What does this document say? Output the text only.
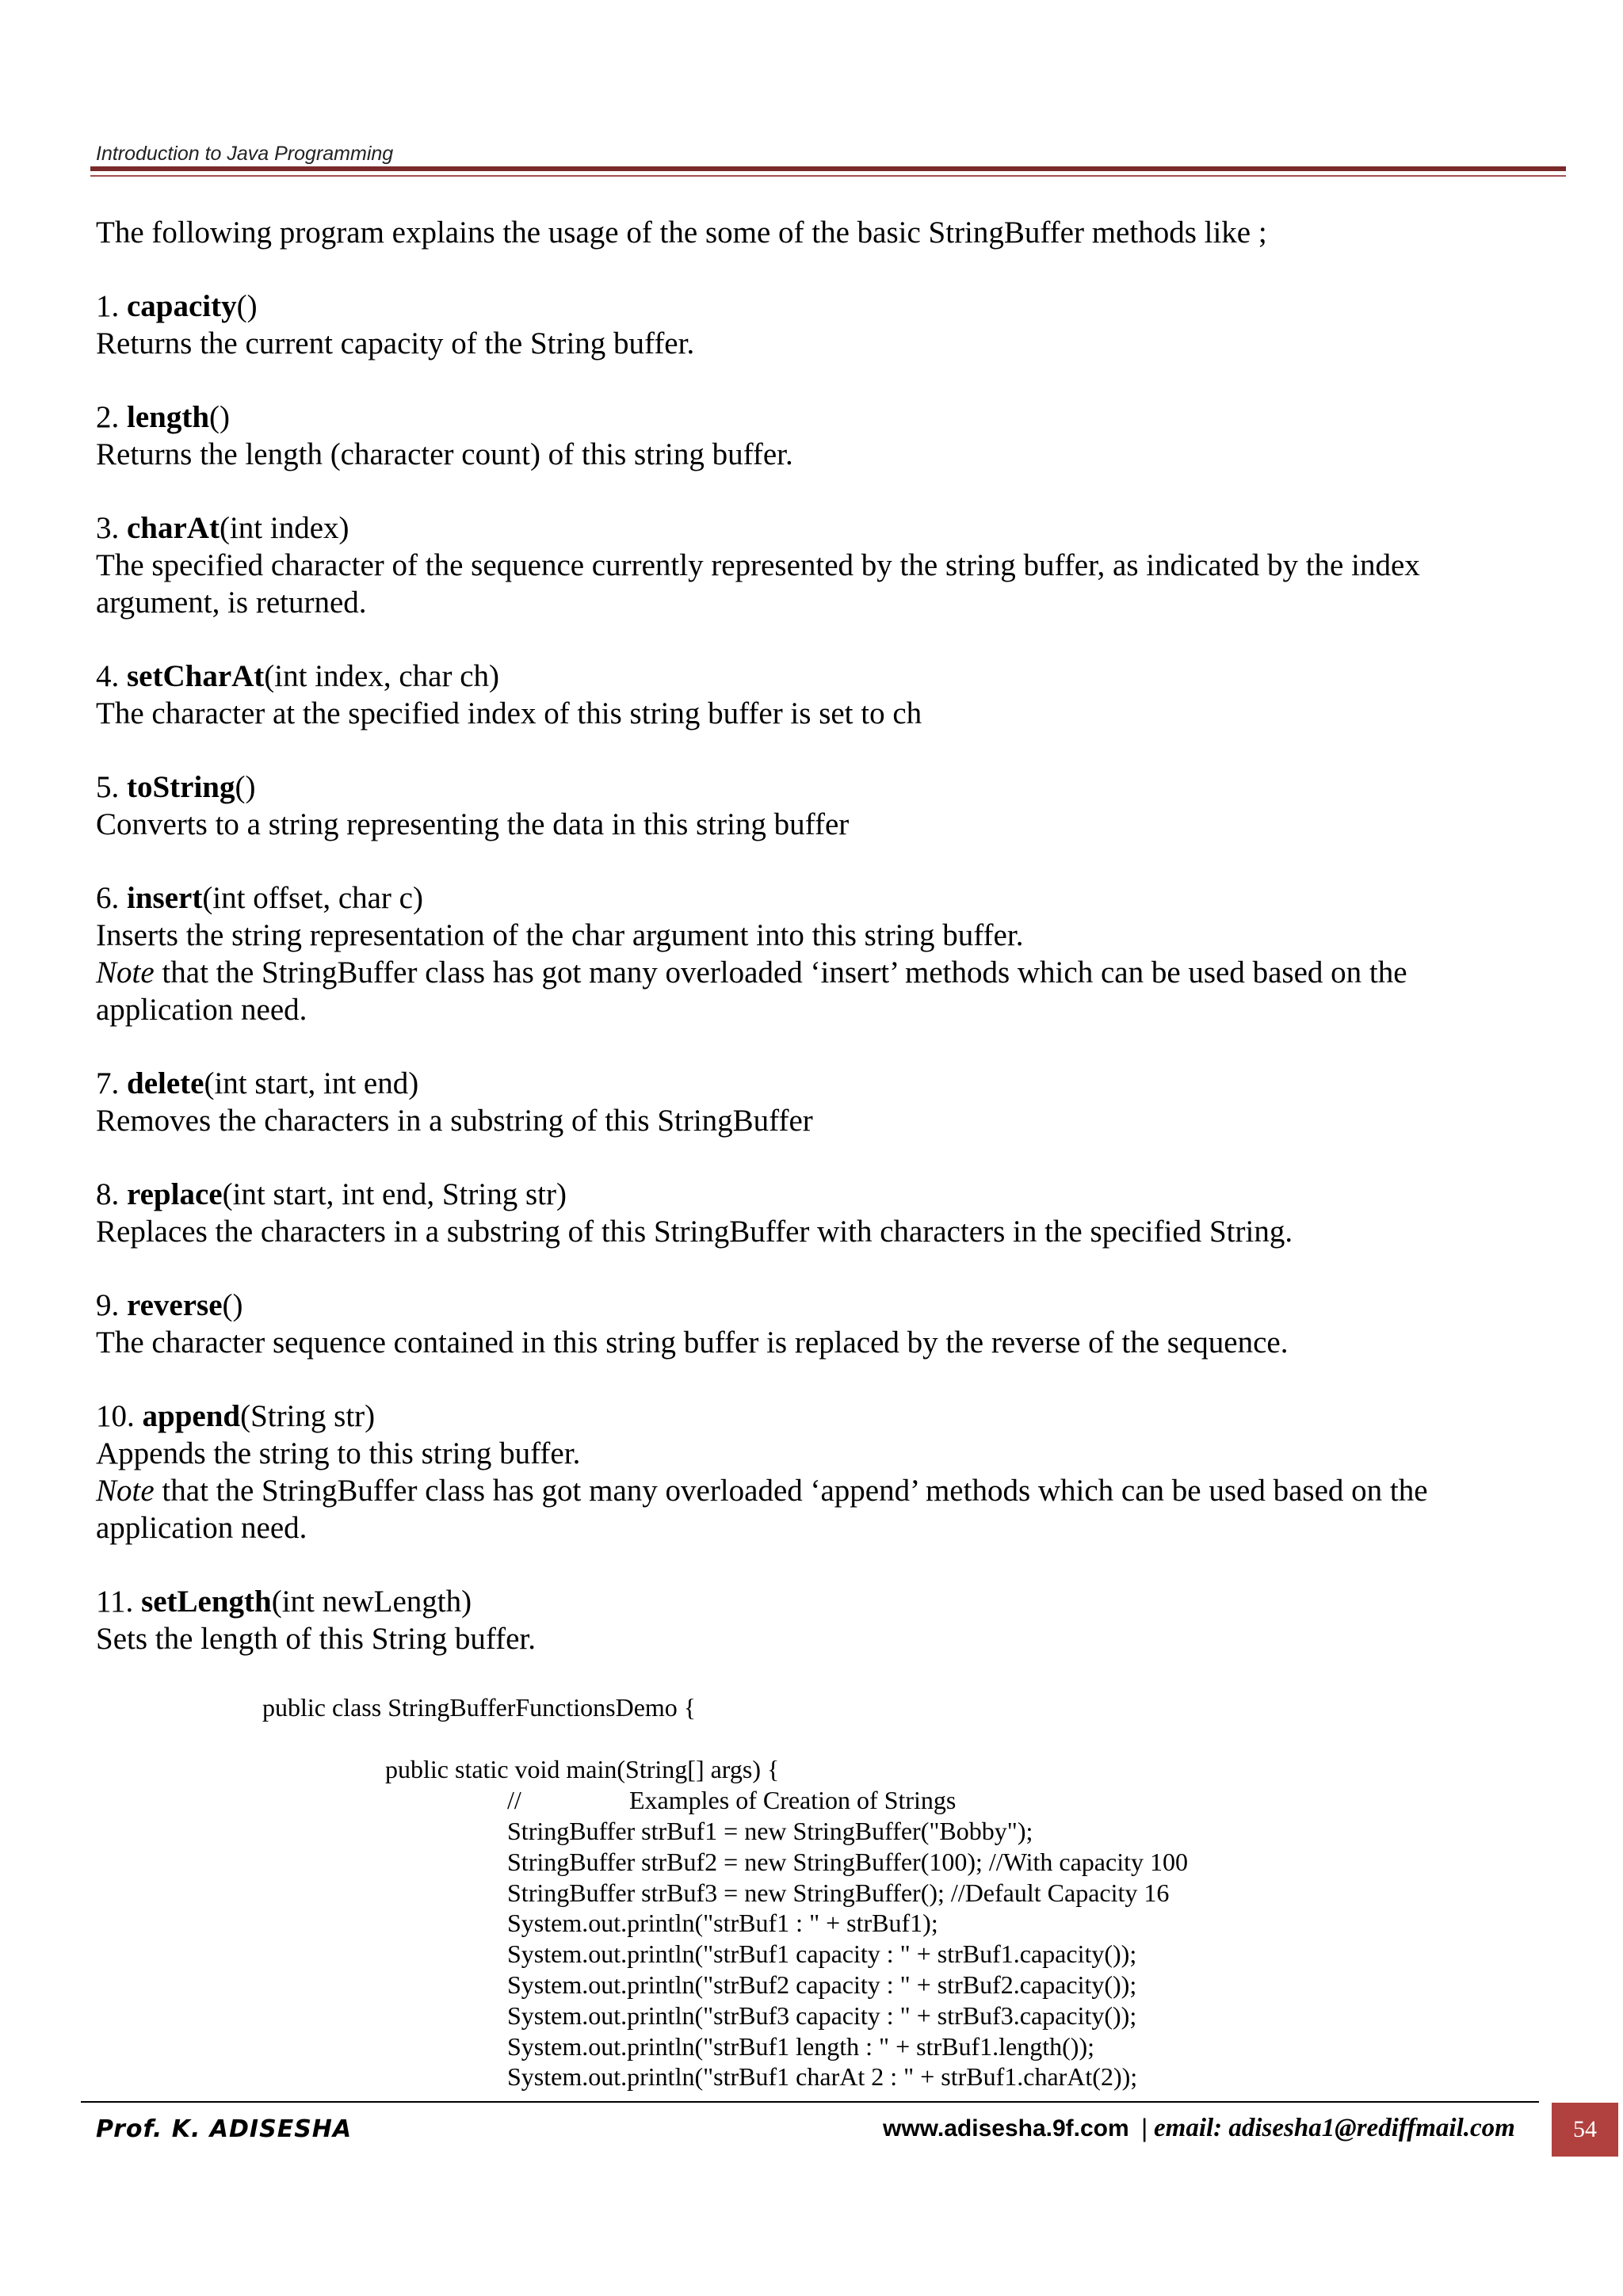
Introduction to Java Programming

The following program explains the usage of the some of the basic StringBuffer methods like ;

1. capacity()

Returns the current capacity of the String buffer.

2. length()

Returns the length (character count) of this string buffer.

3. charAt(int index)

The specified character of the sequence currently represented by the string buffer, as indicated by the index argument, is returned.

4. setCharAt(int index, char ch)

The character at the specified index of this string buffer is set to ch

5. toString()

Converts to a string representing the data in this string buffer

6. insert(int offset, char c)

Inserts the string representation of the char argument into this string buffer.

Note that the StringBuffer class has got many overloaded ‘insert’ methods which can be used based on the application need.

7. delete(int start, int end)

Removes the characters in a substring of this StringBuffer

8. replace(int start, int end, String str)

Replaces the characters in a substring of this StringBuffer with characters in the specified String.

9. reverse()

The character sequence contained in this string buffer is replaced by the reverse of the sequence.

10. append(String str)

Appends the string to this string buffer.

Note that the StringBuffer class has got many overloaded ‘append’ methods which can be used based on the application need.

11. setLength(int newLength)

Sets the length of this String buffer.

public class StringBufferFunctionsDemo {
public static void main(String[] args) {
//	Examples of Creation of Strings
StringBuffer strBuf1 = new StringBuffer("Bobby");
StringBuffer strBuf2 = new StringBuffer(100); //With capacity 100
StringBuffer strBuf3 = new StringBuffer(); //Default Capacity 16
System.out.println("strBuf1 : " + strBuf1);
System.out.println("strBuf1 capacity : " + strBuf1.capacity());
System.out.println("strBuf2 capacity : " + strBuf2.capacity());
System.out.println("strBuf3 capacity : " + strBuf3.capacity());
System.out.println("strBuf1 length : " + strBuf1.length());
System.out.println("strBuf1 charAt 2 : " + strBuf1.charAt(2));
Prof. K. ADISESHA	www.adisesha.9f.com | email: adisesha1@rediffmail.com 54
